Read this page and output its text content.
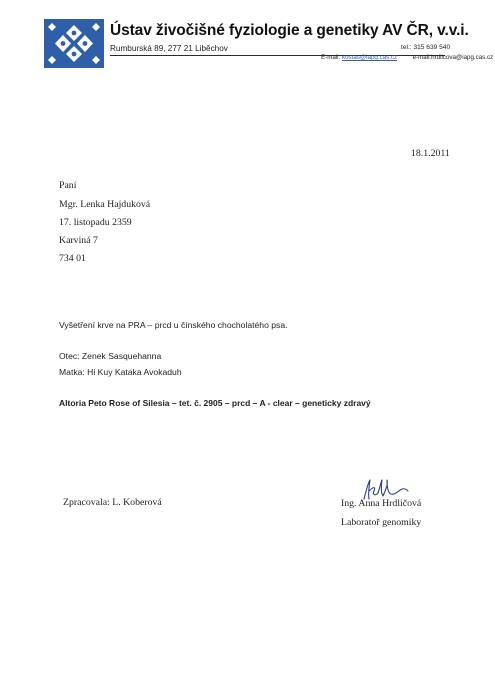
Ústav živočišné fyziologie a genetiky AV ČR, v.v.i.
Rumburská 89, 277 21 Liběchov	tel.: 315 639 540
E-mail: kostas@iapg.cas.cz e-mail:hrdlicova@iapg.cas.cz
18.1.2011
Paní
Mgr. Lenka Hajduková
17. listopadu 2359
Karviná 7
734 01
Vyšetření krve na PRA – prcd u čínského chocholatého psa.
Otec: Zenek Sasquehanna
Matka: Hi Kuy Kataka Avokaduh
Altoria Peto Rose of Silesia – tet. č. 2905 – prcd – A - clear – geneticky zdravý
Zpracovala: L. Koberová	Ing. Anna Hrdličová
Laboratoř genomiky
